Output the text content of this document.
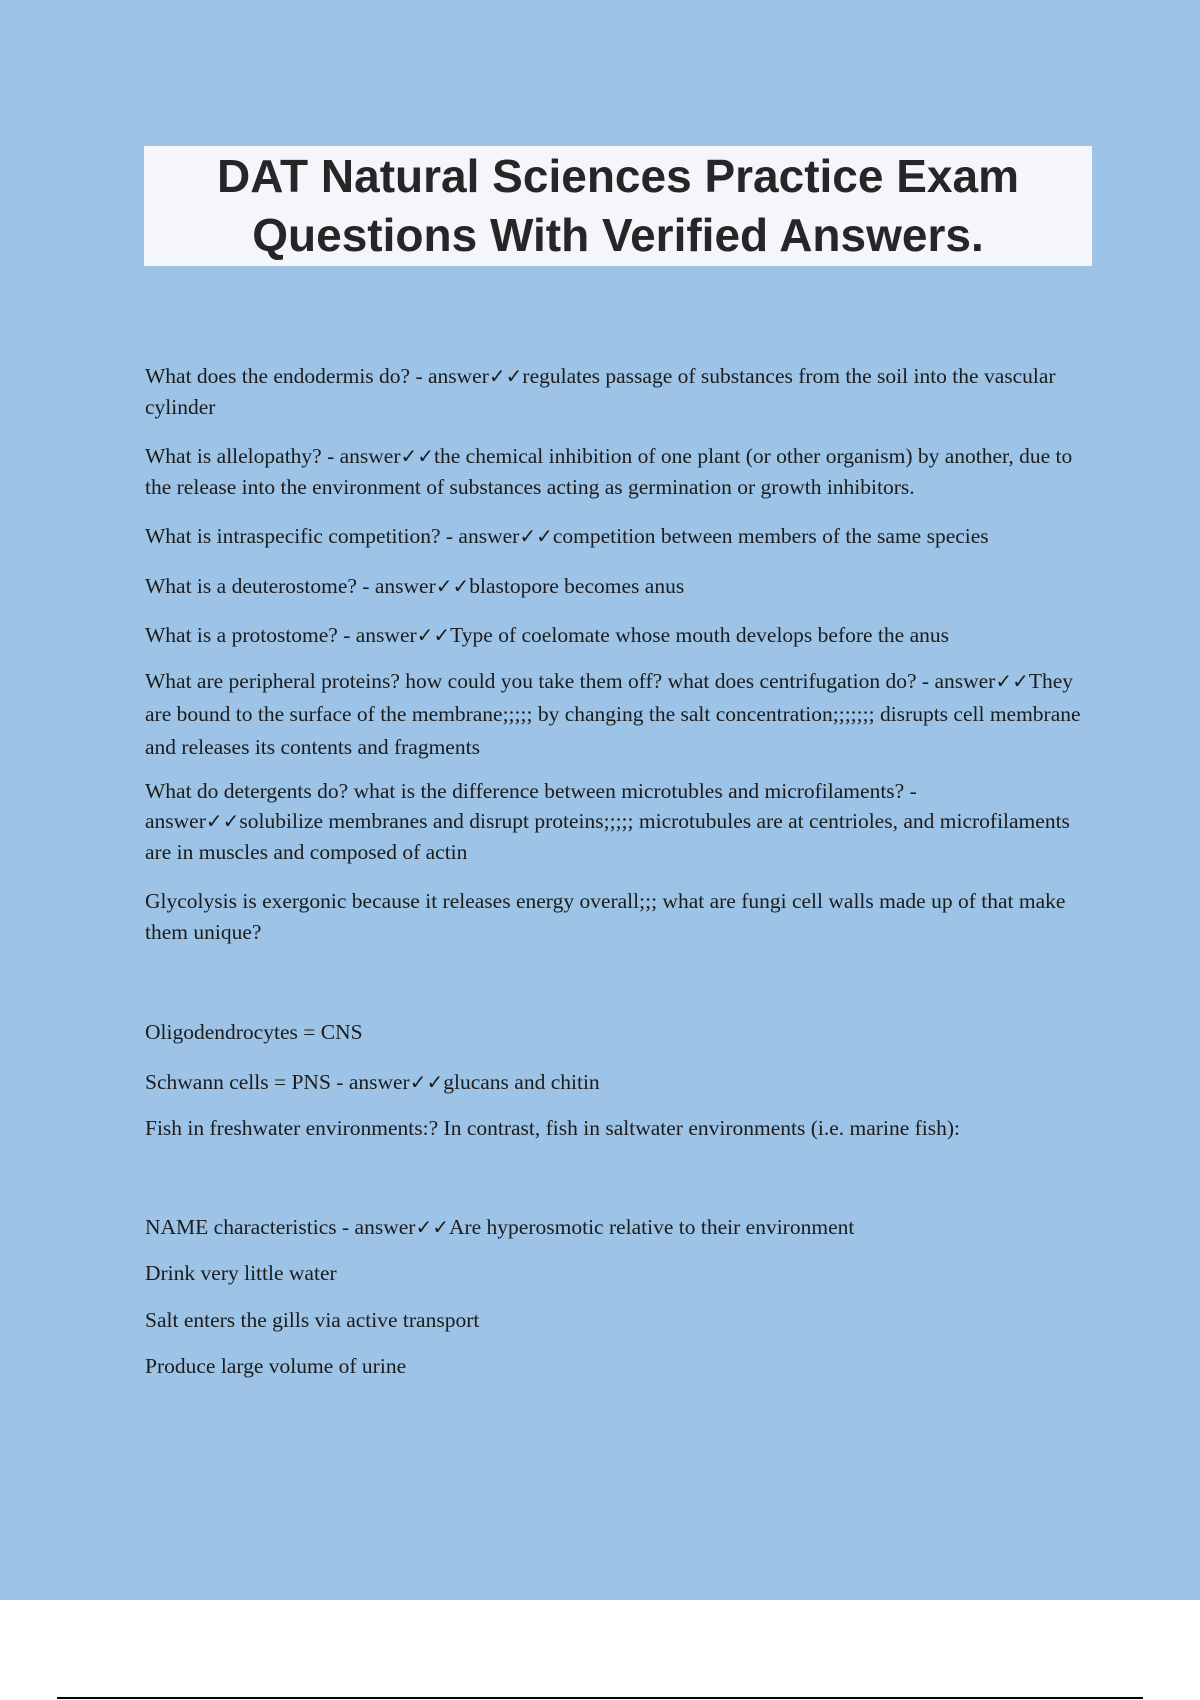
DAT Natural Sciences Practice Exam
Questions With Verified Answers.

What does the endodermis do? - answer✓✓regulates passage of substances from the soil into the vascular cylinder

What is allelopathy? - answer✓✓the chemical inhibition of one plant (or other organism) by another, due to the release into the environment of substances acting as germination or growth inhibitors.

What is intraspecific competition? - answer✓✓competition between members of the same species

What is a deuterostome? - answer✓✓blastopore becomes anus

What is a protostome? - answer✓✓Type of coelomate whose mouth develops before the anus

What are peripheral proteins? how could you take them off? what does centrifugation do? - answer✓✓They are bound to the surface of the membrane;;;;; by changing the salt concentration;;;;;;; disrupts cell membrane and releases its contents and fragments

What do detergents do? what is the difference between microtubles and microfilaments? - answer✓✓solubilize membranes and disrupt proteins;;;;; microtubules are at centrioles, and microfilaments are in muscles and composed of actin

Glycolysis is exergonic because it releases energy overall;;; what are fungi cell walls made up of that make them unique?

Oligodendrocytes = CNS

Schwann cells = PNS - answer✓✓glucans and chitin

Fish in freshwater environments:? In contrast, fish in saltwater environments (i.e. marine fish):

NAME characteristics - answer✓✓Are hyperosmotic relative to their environment

Drink very little water

Salt enters the gills via active transport

Produce large volume of urine
